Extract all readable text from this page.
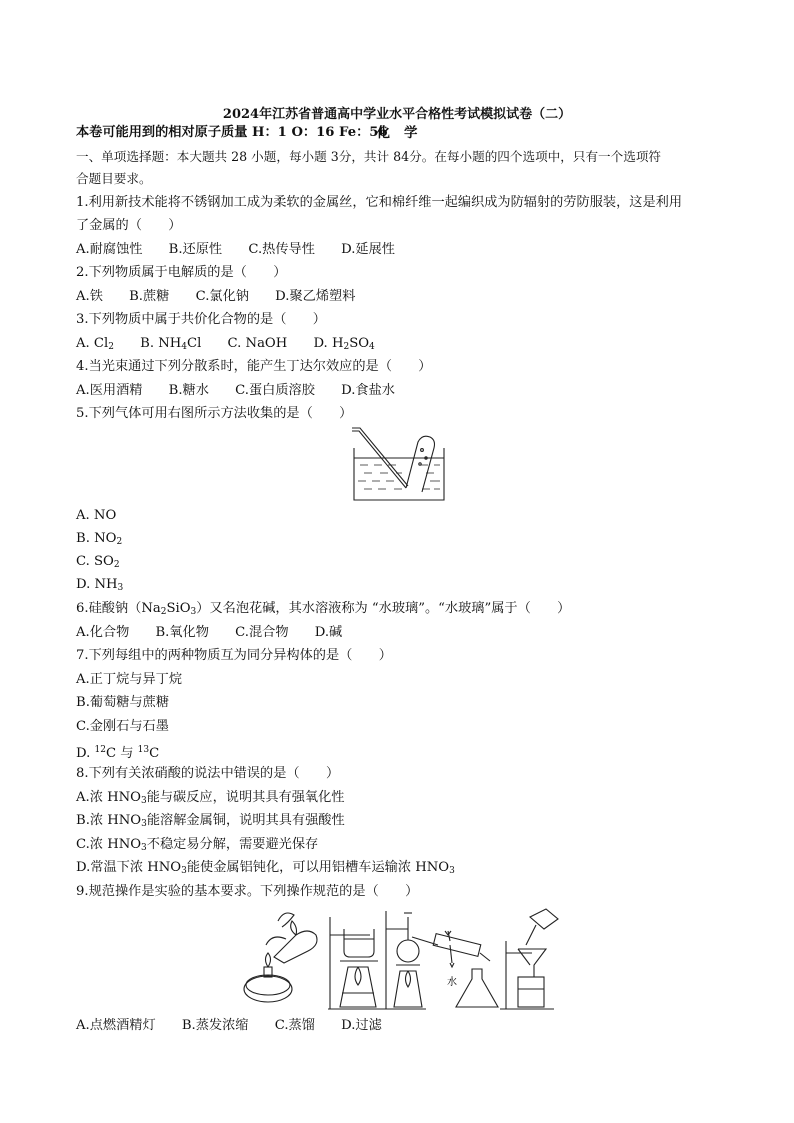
2024年江苏省普通高中学业水平合格性考试模拟试卷（二）
化学
本卷可能用到的相对原子质量 H：1 O：16 Fe：56
一、单项选择题：本大题共 28 小题，每小题 3分，共计 84分。在每小题的四个选项中，只有一个选项符
合题目要求。
1.利用新技术能将不锈钢加工成为柔软的金属丝，它和棉纤维一起编织成为防辐射的劳防服装，这是利用
了金属的（　　）
A.耐腐蚀性 B.还原性 C.热传导性 D.延展性
2.下列物质属于电解质的是（　　）
A.铁 B.蔗糖 C.氯化钠 D.聚乙烯塑料
3.下列物质中属于共价化合物的是（　　）
A. $Cl_2$ B. $NH_4Cl$ C. NaOH D. $H_2SO_4$
4.当光束通过下列分散系时，能产生丁达尔效应的是（　　）
A.医用酒精 B.糖水 C.蛋白质溶胶 D.食盐水
5.下列气体可用右图所示方法收集的是（　　）
A. NO
B. $NO_2$
C. $SO_2$
D. $NH_3$
6.硅酸钠$(Na_2SiO_3)$又名泡花碱，其水溶液称为 “水玻璃”。“水玻璃”属于（　　）
A.化合物 B.氧化物 C.混合物 D.碱
7.下列每组中的两种物质互为同分异构体的是（　　）
A.正丁烷与异丁烷
B.葡萄糖与蔗糖
C.金刚石与石墨
D. $^{12}$C 与 $^{13}$C
8.下列有关浓硝酸的说法中错误的是（　　）
A.浓 $HNO_3$能与碳反应，说明其具有强氧化性
B.浓 $HNO_3$能溶解金属铜，说明其具有强酸性
C.浓 $HNO_3$不稳定易分解，需要避光保存
D.常温下浓 $HNO_3$能使金属铝钝化，可以用铝槽车运输浓 $HNO_3$
9.规范操作是实验的基本要求。下列操作规范的是（　　）
水
A.点燃酒精灯 B.蒸发浓缩 C.蒸馏 D.过滤
